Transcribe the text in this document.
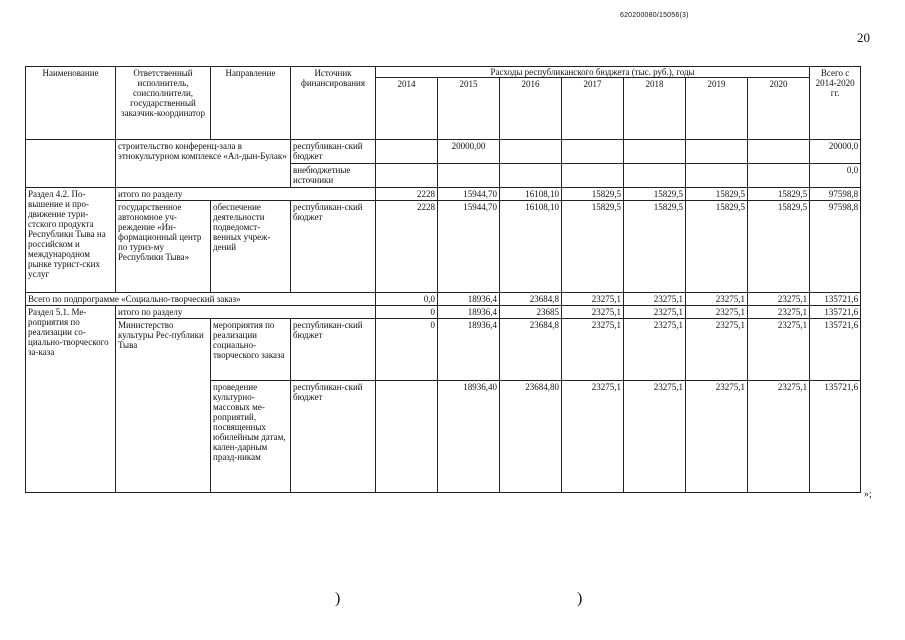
620200080/15056(3)
20
Наименование	Ответственный исполнитель, соисполнители, государственный заказчик-координатор	Направление	Источник финансирования	Расходы республиканского бюджета (тыс. руб.), годы							Всего с 2014-2020 гг.
				2014	2015	2016	2017	2018	2019	2020	
	строительство конференц-зала в этнокультурном комплексе «Ал-дын-Булак»		республикан-ский бюджет		20000,00						20000,0
			внебюджетные источники								0,0
Раздел 4.2. По-вышение и про-движение тури-стского продукта Республики Тыва на российском и международном рынке турист-ских услуг	итого по разделу			2228	15944,70	16108,10	15829,5	15829,5	15829,5	15829,5	97598,8
	государственное автономное уч-реждение «Ин-формационный центр по туриз-му Республики Тыва»	обеспечение деятельности подведомст-венных учреж-дений	республикан-ский бюджет	2228	15944,70	16108,10	15829,5	15829,5	15829,5	15829,5	97598,8
Всего по подпрограмме «Социально-творческий заказ»				0,0	18936,4	23684,8	23275,1	23275,1	23275,1	23275,1	135721,6
Раздел 5.1. Ме-роприятия по реализации со-циально-творческого за-каза	итого по разделу			0	18936,4	23685	23275,1	23275,1	23275,1	23275,1	135721,6
	Министерство культуры Рес-публики Тыва	мероприятия по реализации социально-творческого заказа	республикан-ский бюджет	0	18936,4	23684,8	23275,1	23275,1	23275,1	23275,1	135721,6
		проведение культурно-массовых ме-роприятий, посвященных юбилейным датам, кален-дарным празд-никам	республикан-ский бюджет		18936,40	23684,80	23275,1	23275,1	23275,1	23275,1	135721,6
»;
)	)
